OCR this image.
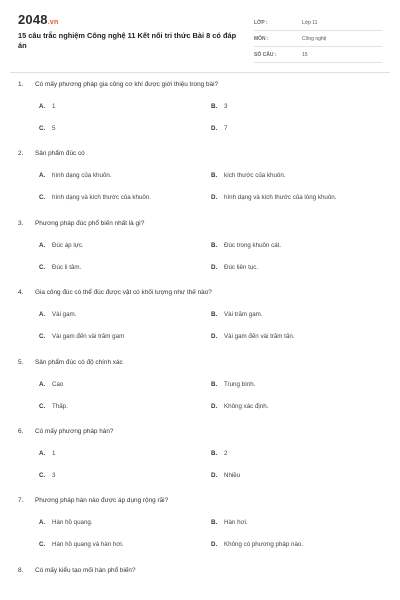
2048.vn
15 câu trắc nghiệm Công nghệ 11 Kết nối tri thức Bài 8 có đáp án
LỚP :	Lớp 11
MÔN :	Công nghệ
SỐ CÂU :	15
1. Có mấy phương pháp gia công cơ khí được giới thiệu trong bài?
A. 1	B. 3
C. 5	D. 7
2. Sản phẩm đúc có
A. hình dạng của khuôn.	B. kích thước của khuôn.
C. hình dạng và kích thước của khuôn.	D. hình dạng và kích thước của lòng khuôn.
3. Phương pháp đúc phổ biến nhất là gì?
A. Đúc áp lực.	B. Đúc trong khuôn cát.
C. Đúc li tâm.	D. Đúc liên tục.
4. Gia công đúc có thể đúc được vật có khối lượng như thế nào?
A. Vài gam.	B. Vài trăm gam.
C. Vài gam đến vài trăm gam	D. Vài gam đến vài trăm tấn.
5. Sản phẩm đúc có độ chính xác
A. Cao	B. Trung bình.
C. Thấp.	D. Không xác định.
6. Có mấy phương pháp hàn?
A. 1	B. 2
C. 3	D. Nhiều
7. Phương pháp hàn nào được áp dụng rộng rãi?
A. Hàn hồ quang.	B. Hàn hơi.
C. Hàn hồ quang và hàn hơi.	D. Không có phương pháp nào.
8. Có mấy kiểu tạo mối hàn phổ biến?
